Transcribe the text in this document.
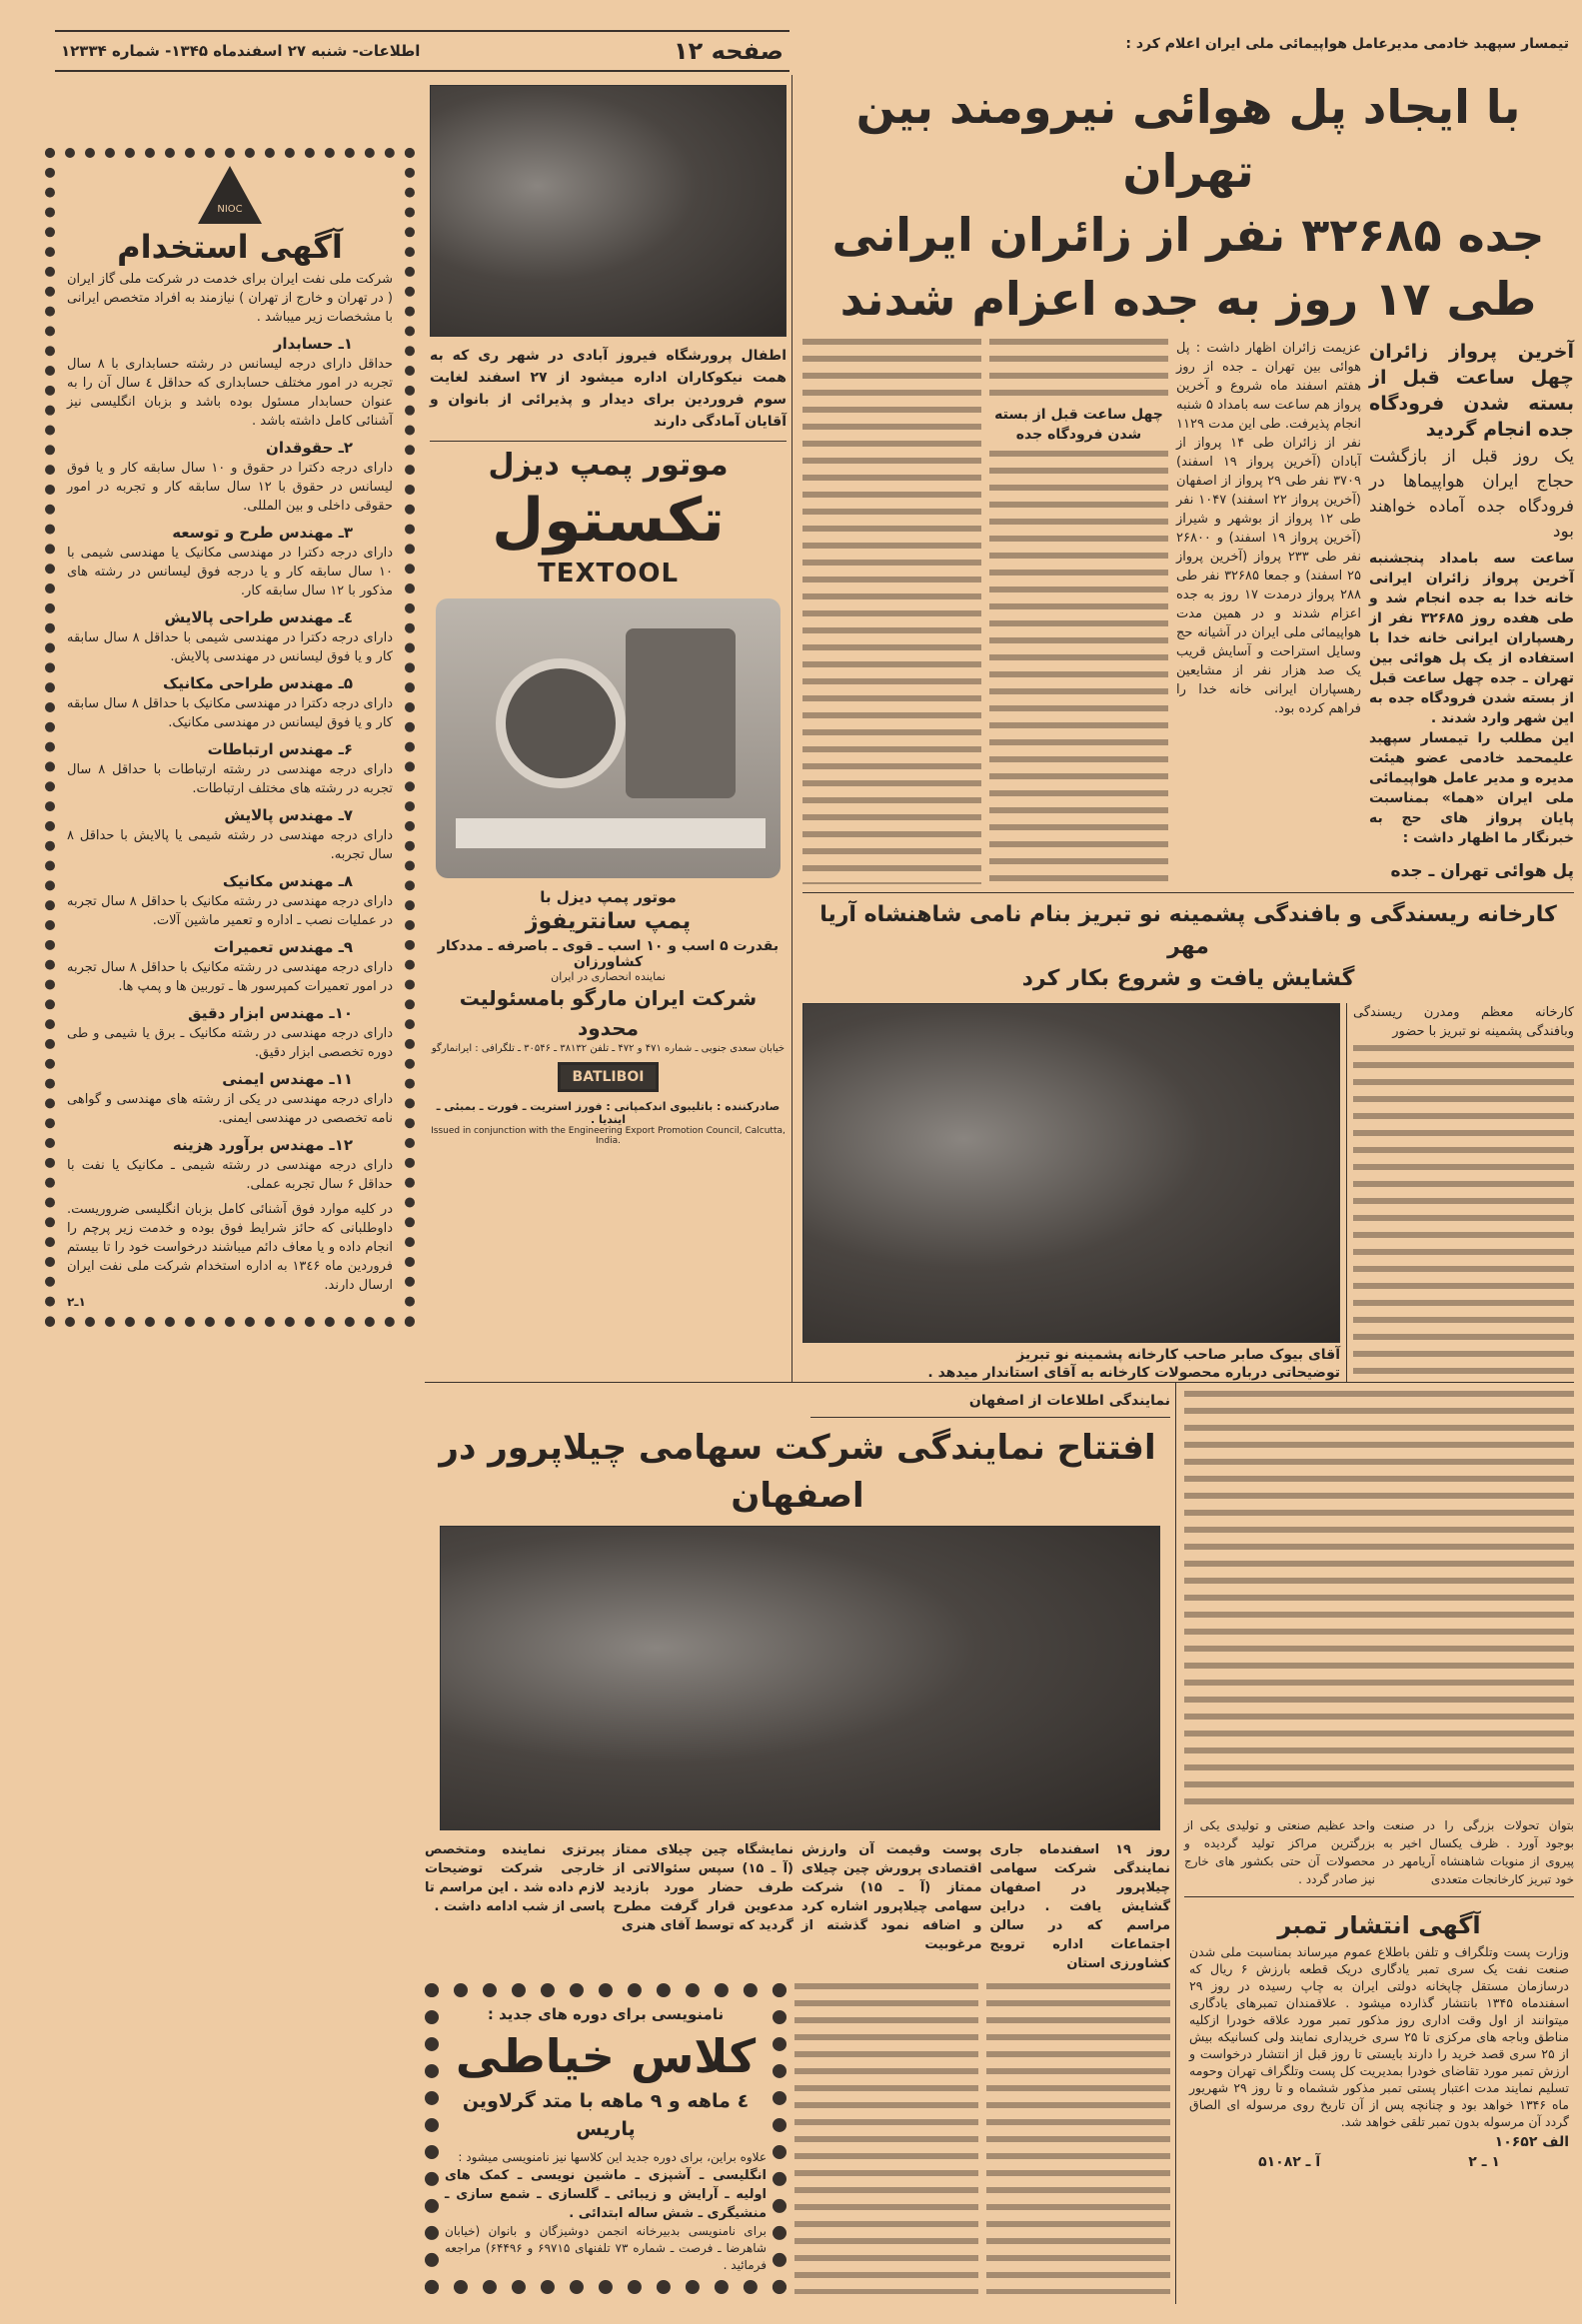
اطلاعات- شنبه ۲۷ اسفندماه ۱۳۴۵- شماره ۱۲۳۳۴	صفحه ۱۲	تیمسار سپهبد خادمی مدیرعامل هواپیمائی ملی ایران اعلام کرد :
NIOC
آگهی استخدام
شرکت ملی نفت ایران برای خدمت در شرکت ملی گاز ایران ( در تهران و خارج از تهران ) نیازمند به افراد متخصص ایرانی با مشخصات زیر میباشد .
۱ـ حسابدار
حداقل دارای درجه لیسانس در رشته حسابداری با ۸ سال تجربه در امور مختلف حسابداری که حداقل ٤ سال آن را به عنوان حسابدار مسئول بوده باشد و بزبان انگلیسی نیز آشنائی کامل داشته باشد .
۲ـ حقوقدان
دارای درجه دکترا در حقوق و ۱۰ سال سابقه کار و یا فوق لیسانس در حقوق با ۱۲ سال سابقه کار و تجربه در امور حقوقی داخلی و بین المللی.
۳ـ مهندس طرح و توسعه
دارای درجه دکترا در مهندسی مکانیک یا مهندسی شیمی با ۱۰ سال سابقه کار و یا درجه فوق لیسانس در رشته های مذکور با ۱۲ سال سابقه کار.
٤ـ مهندس طراحی پالایش
دارای درجه دکترا در مهندسی شیمی با حداقل ۸ سال سابقه کار و یا فوق لیسانس در مهندسی پالایش.
۵ـ مهندس طراحی مکانیک
دارای درجه دکترا در مهندسی مکانیک با حداقل ۸ سال سابقه کار و یا فوق لیسانس در مهندسی مکانیک.
۶ـ مهندس ارتباطات
دارای درجه مهندسی در رشته ارتباطات با حداقل ۸ سال تجربه در رشته های مختلف ارتباطات.
۷ـ مهندس پالایش
دارای درجه مهندسی در رشته شیمی یا پالایش با حداقل ۸ سال تجربه.
۸ـ مهندس مکانیک
دارای درجه مهندسی در رشته مکانیک با حداقل ۸ سال تجربه در عملیات نصب ـ اداره و تعمیر ماشین آلات.
۹ـ مهندس تعمیرات
دارای درجه مهندسی در رشته مکانیک با حداقل ۸ سال تجربه در امور تعمیرات کمپرسور ها ـ توربین ها و پمپ ها.
۱۰ـ مهندس ابزار دقیق
دارای درجه مهندسی در رشته مکانیک ـ برق یا شیمی و طی دوره تخصصی ابزار دقیق.
۱۱ـ مهندس ایمنی
دارای درجه مهندسی در یکی از رشته های مهندسی و گواهی نامه تخصصی در مهندسی ایمنی.
۱۲ـ مهندس برآورد هزینه
دارای درجه مهندسی در رشته شیمی ـ مکانیک یا نفت با حداقل ۶ سال تجربه عملی.
در کلیه موارد فوق آشنائی کامل بزبان انگلیسی ضروریست. داوطلبانی که حائز شرایط فوق بوده و خدمت زیر پرچم را انجام داده و یا معاف دائم میباشند درخواست خود را تا بیستم فروردین ماه ۱۳٤۶ به اداره استخدام شرکت ملی نفت ایران ارسال دارند.
۱ـ۲
اطفال پرورشگاه فیروز آبادی در شهر ری که به همت نیکوکاران اداره میشود از ۲۷ اسفند لغایت سوم فروردین برای دیدار و پذیرائی از بانوان و آقایان آمادگی دارند
موتور پمپ دیزل
تکستول
TEXTOOL
موتور پمپ دیزل با
پمپ سانتریفوژ
بقدرت ۵ اسب و ۱۰ اسب ـ قوی ـ باصرفه ـ مددکار کشاورزان
نماینده انحصاری در ایران
شرکت ایران مارگو بامسئولیت محدود
خیابان سعدی جنوبی ـ شماره ۴۷۱ و ۴۷۲ ـ تلفن ۳۸۱۳۲ ـ ۳۰۵۴۶ ـ تلگرافی : ایرانمارگو
BATLIBOI
صادرکننده : باتلیبوی اندکمپانی : فورز استریت ـ فورت ـ بمبئی ـ ایندیا .
Issued in conjunction with the Engineering Export Promotion Council, Calcutta, India.
با ایجاد پل هوائی نیرومند بین تهران
جده ۳۲۶۸۵ نفر از زائران ایرانی
طی ۱۷ روز به جده اعزام شدند
آخرین پرواز زائران چهل ساعت قبل از بسته شدن فرودگاه جده انجام گردید
یک روز قبل از بازگشت حجاج ایران هواپیماها در فرودگاه جده آماده خواهند بود
ساعت سه بامداد پنجشنبه آخرین پرواز زائران ایرانی خانه خدا به جده انجام شد و طی هفده روز ۳۲۶۸۵ نفر از رهسپاران ایرانی خانه خدا با استفاده از یک پل هوائی بین تهران ـ جده چهل ساعت قبل از بسته شدن فرودگاه جده به این شهر وارد شدند .
این مطلب را تیمسار سپهبد علیمحمد خادمی عضو هیئت مدیره و مدیر عامل هواپیمائی ملی ایران «هما» بمناسبت پایان پرواز های حج به خبرنگار ما اظهار داشت :
پل هوائی تهران ـ جده
عزیمت زائران اظهار داشت : پل هوائی بین تهران ـ جده از روز هفتم اسفند ماه شروع و آخرین پرواز هم ساعت سه بامداد ۵ شنبه انجام پذیرفت. طی این مدت ۱۱۲۹ نفر از زائران طی ۱۴ پرواز از آبادان (آخرین پرواز ۱۹ اسفند) ۳۷۰۹ نفر طی ۲۹ پرواز از اصفهان (آخرین پرواز ۲۲ اسفند) ۱۰۴۷ نفر طی ۱۲ پرواز از بوشهر و شیراز (آخرین پرواز ۱۹ اسفند) و ۲۶۸۰۰ نفر طی ۲۳۳ پرواز (آخرین پرواز ۲۵ اسفند) و جمعا ۳۲۶۸۵ نفر طی ۲۸۸ پرواز درمدت ۱۷ روز به جده اعزام شدند و در همین مدت هواپیمائی ملی ایران در آشیانه حج وسایل استراحت و آسایش قریب یک صد هزار نفر از مشایعین رهسپاران ایرانی خانه خدا را فراهم کرده بود.
چهل ساعت قبل از بسته شدن فرودگاه جده
کارخانه ریسندگی و بافندگی پشمینه نو تبریز بنام نامی شاهنشاه آریا مهر
گشایش یافت و شروع بکار کرد
آقای بیوک صابر صاحب کارخانه پشمینه نو تبریز
توضیحاتی درباره محصولات کارخانه به آقای استاندار میدهد .
کارخانه معظم ومدرن ریسندگی وبافندگی پشمینه نو تبریز با حضور
نمایندگی اطلاعات از اصفهان
افتتاح نمایندگی شرکت سهامی چیلاپرور در اصفهان
روز ۱۹ اسفندماه جاری نمایندگی شرکت سهامی چیلاپرور در اصفهان گشایش یافت . دراین مراسم که در سالن اجتماعات اداره ترویج کشاورزی استان
پوست وقیمت آن وارزش اقتصادی پرورش چین چیلای ممتاز (آ ـ ۱۵) شرکت سهامی چیلاپرور اشاره کرد و اضافه نمود گذشته از مرغوبیت
نمایشگاه چین چیلای ممتاز (آ ـ ۱۵) سپس سئوالاتی از طرف حضار مورد بازدید مدعوین قرار گرفت مطرح گردید که توسط آقای هنری
پیرتزی نماینده ومتخصص خارجی شرکت توضیحات لازم داده شد . این مراسم تا پاسی از شب ادامه داشت .
نامنویسی برای دوره های جدید :
کلاس خیاطی
٤ ماهه و ۹ ماهه با متد گرلاوین پاریس
علاوه براین، برای دوره جدید این کلاسها نیز نامنویسی میشود :
انگلیسی ـ آشپزی ـ ماشین نویسی ـ کمک های اولیه ـ آرایش و زیبائی ـ گلسازی ـ شمع سازی ـ منشیگری ـ شش ساله ابتدائی .
برای نامنویسی بدبیرخانه انجمن دوشیزگان و بانوان (خیابان شاهرضا ـ فرصت ـ شماره ۷۳ تلفنهای ۶۹۷۱۵ و ۶۴۴۹۶) مراجعه فرمائید .
بتوان تحولات بزرگی را در صنعت بوجود آورد . ظرف یکسال اخیر به پیروی از منویات شاهنشاه آریامهر در خود تبریز کارخانجات متعددی
واحد عظیم صنعتی و تولیدی یکی از بزرگترین مراکز تولید گردیده و محصولات آن حتی بکشور های خارج نیز صادر گردد .
آگهی انتشار تمبر
وزارت پست وتلگراف و تلفن باطلاع عموم میرساند بمناسبت ملی شدن صنعت نفت یک سری تمبر یادگاری دریک قطعه بارزش ۶ ریال که درسازمان مستقل چاپخانه دولتی ایران به چاپ رسیده در روز ۲۹ اسفندماه ۱۳۴۵ بانتشار گذارده میشود . علاقمندان تمبرهای یادگاری میتوانند از اول وقت اداری روز مذکور تمبر مورد علاقه خودرا ازکلیه مناطق وباجه های مرکزی تا ۲۵ سری خریداری نمایند ولی کسانیکه بیش از ۲۵ سری قصد خرید را دارند بایستی تا روز قبل از انتشار درخواست و ارزش تمبر مورد تقاضای خودرا بمدیریت کل پست وتلگراف تهران وحومه تسلیم نمایند مدت اعتبار پستی تمبر مذکور ششماه و تا روز ۲۹ شهریور ماه ۱۳۴۶ خواهد بود و چنانچه پس از آن تاریخ روی مرسوله ای الصاق گردد آن مرسوله بدون تمبر تلقی خواهد شد.
الف ۱۰۶۵۲
۱ ـ ۲
آ ـ ۵۱۰۸۲
